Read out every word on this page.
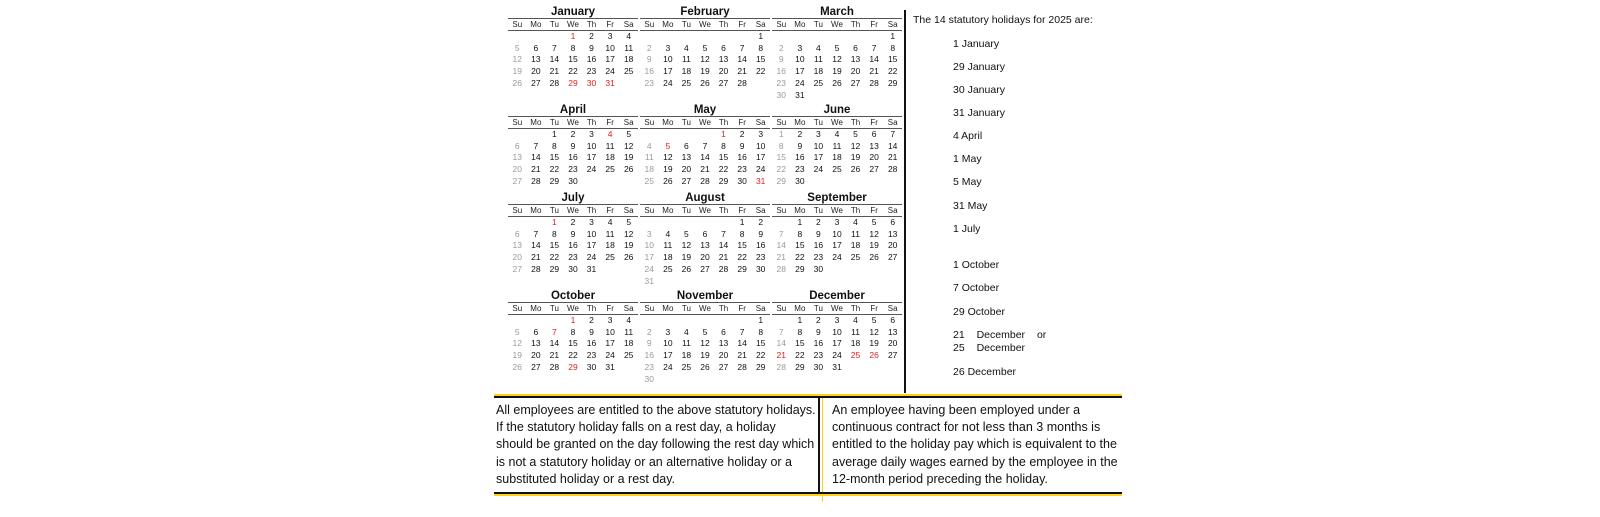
January
Su	Mo	Tu	We	Th	Fr	Sa
			1	2	3	4
5	6	7	8	9	10	11
12	13	14	15	16	17	18
19	20	21	22	23	24	25
26	27	28	29	30	31	
February
Su	Mo	Tu	We	Th	Fr	Sa
						1
2	3	4	5	6	7	8
9	10	11	12	13	14	15
16	17	18	19	20	21	22
23	24	25	26	27	28	
March
Su	Mo	Tu	We	Th	Fr	Sa
						1
2	3	4	5	6	7	8
9	10	11	12	13	14	15
16	17	18	19	20	21	22
23	24	25	26	27	28	29
30	31					
April
Su	Mo	Tu	We	Th	Fr	Sa
		1	2	3	4	5
6	7	8	9	10	11	12
13	14	15	16	17	18	19
20	21	22	23	24	25	26
27	28	29	30			
May
Su	Mo	Tu	We	Th	Fr	Sa
				1	2	3
4	5	6	7	8	9	10
11	12	13	14	15	16	17
18	19	20	21	22	23	24
25	26	27	28	29	30	31
June
Su	Mo	Tu	We	Th	Fr	Sa
1	2	3	4	5	6	7
8	9	10	11	12	13	14
15	16	17	18	19	20	21
22	23	24	25	26	27	28
29	30					
July
Su	Mo	Tu	We	Th	Fr	Sa
		1	2	3	4	5
6	7	8	9	10	11	12
13	14	15	16	17	18	19
20	21	22	23	24	25	26
27	28	29	30	31		
August
Su	Mo	Tu	We	Th	Fr	Sa
					1	2
3	4	5	6	7	8	9
10	11	12	13	14	15	16
17	18	19	20	21	22	23
24	25	26	27	28	29	30
31						
September
Su	Mo	Tu	We	Th	Fr	Sa
	1	2	3	4	5	6
7	8	9	10	11	12	13
14	15	16	17	18	19	20
21	22	23	24	25	26	27
28	29	30				
October
Su	Mo	Tu	We	Th	Fr	Sa
			1	2	3	4
5	6	7	8	9	10	11
12	13	14	15	16	17	18
19	20	21	22	23	24	25
26	27	28	29	30	31	
November
Su	Mo	Tu	We	Th	Fr	Sa
						1
2	3	4	5	6	7	8
9	10	11	12	13	14	15
16	17	18	19	20	21	22
23	24	25	26	27	28	29
30						
December
Su	Mo	Tu	We	Th	Fr	Sa
	1	2	3	4	5	6
7	8	9	10	11	12	13
14	15	16	17	18	19	20
21	22	23	24	25	26	27
28	29	30	31			
The 14 statutory holidays for 2025 are:
1 January
29 January
30 January
31 January
4 April
1 May
5 May
31 May
1 July
1 October
7 October
29 October
21 December or 25 December
26 December
All employees are entitled to the above statutory holidays. If the statutory holiday falls on a rest day, a holiday should be granted on the day following the rest day which is not a statutory holiday or an alternative holiday or a substituted holiday or a rest day.
An employee having been employed under a continuous contract for not less than 3 months is entitled to the holiday pay which is equivalent to the average daily wages earned by the employee in the 12-month period preceding the holiday.
